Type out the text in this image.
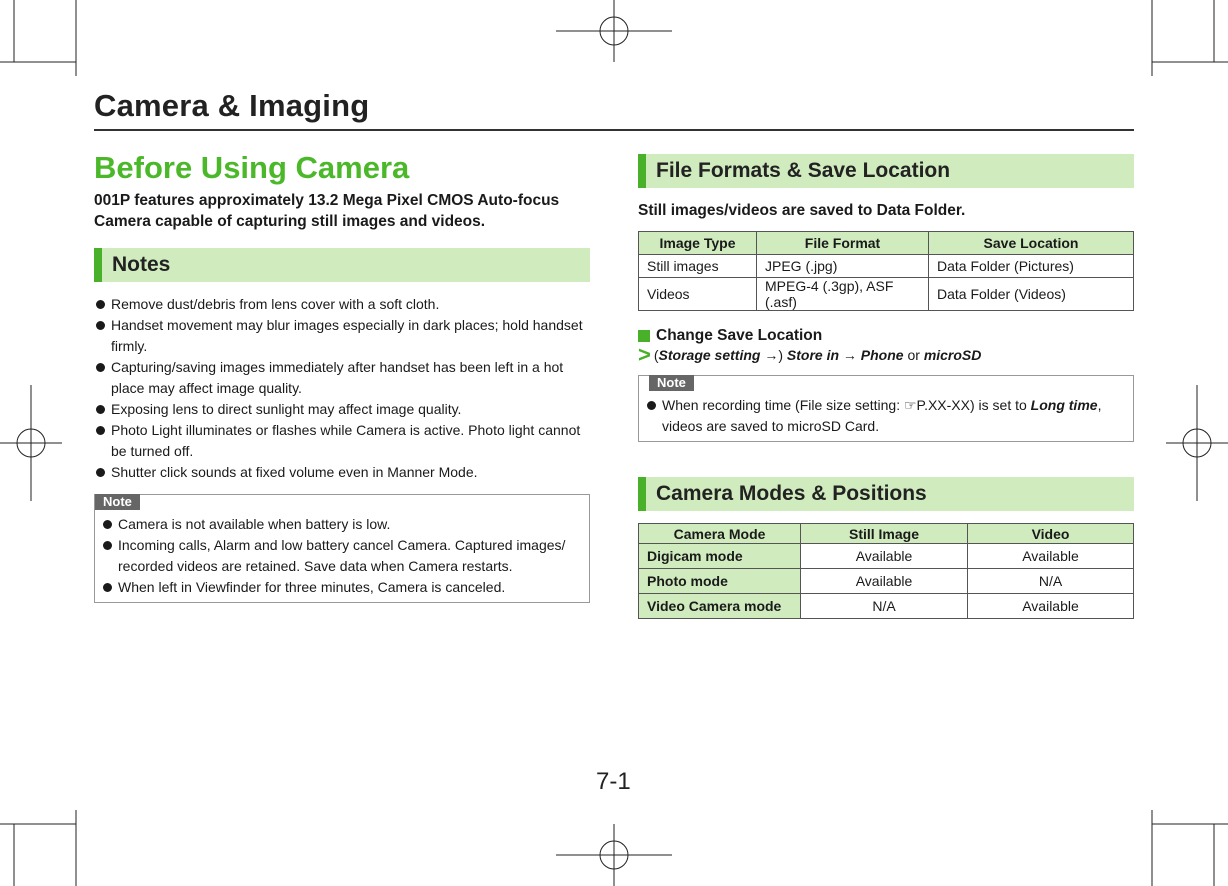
Camera & Imaging
Before Using Camera
001P features approximately 13.2 Mega Pixel CMOS Auto-focus Camera capable of capturing still images and videos.
Notes
Remove dust/debris from lens cover with a soft cloth.
Handset movement may blur images especially in dark places; hold handset firmly.
Capturing/saving images immediately after handset has been left in a hot place may affect image quality.
Exposing lens to direct sunlight may affect image quality.
Photo Light illuminates or flashes while Camera is active. Photo light cannot be turned off.
Shutter click sounds at fixed volume even in Manner Mode.
Note
Camera is not available when battery is low.
Incoming calls, Alarm and low battery cancel Camera. Captured images/ recorded videos are retained. Save data when Camera restarts.
When left in Viewfinder for three minutes, Camera is canceled.
File Formats & Save Location
Still images/videos are saved to Data Folder.
Image Type	File Format	Save Location
Still images	JPEG (.jpg)	Data Folder (Pictures)
Videos	MPEG-4 (.3gp), ASF (.asf)	Data Folder (Videos)
Change Save Location
> ( Storage setting
→ )
Store in
→
Phone
or
microSD
Note
When recording time (File size setting: ☞P.XX-XX) is set to Long time, videos are saved to microSD Card.
Camera Modes & Positions
Camera Mode	Still Image	Video
Digicam mode	Available	Available
Photo mode	Available	N/A
Video Camera mode	N/A	Available
7-1
